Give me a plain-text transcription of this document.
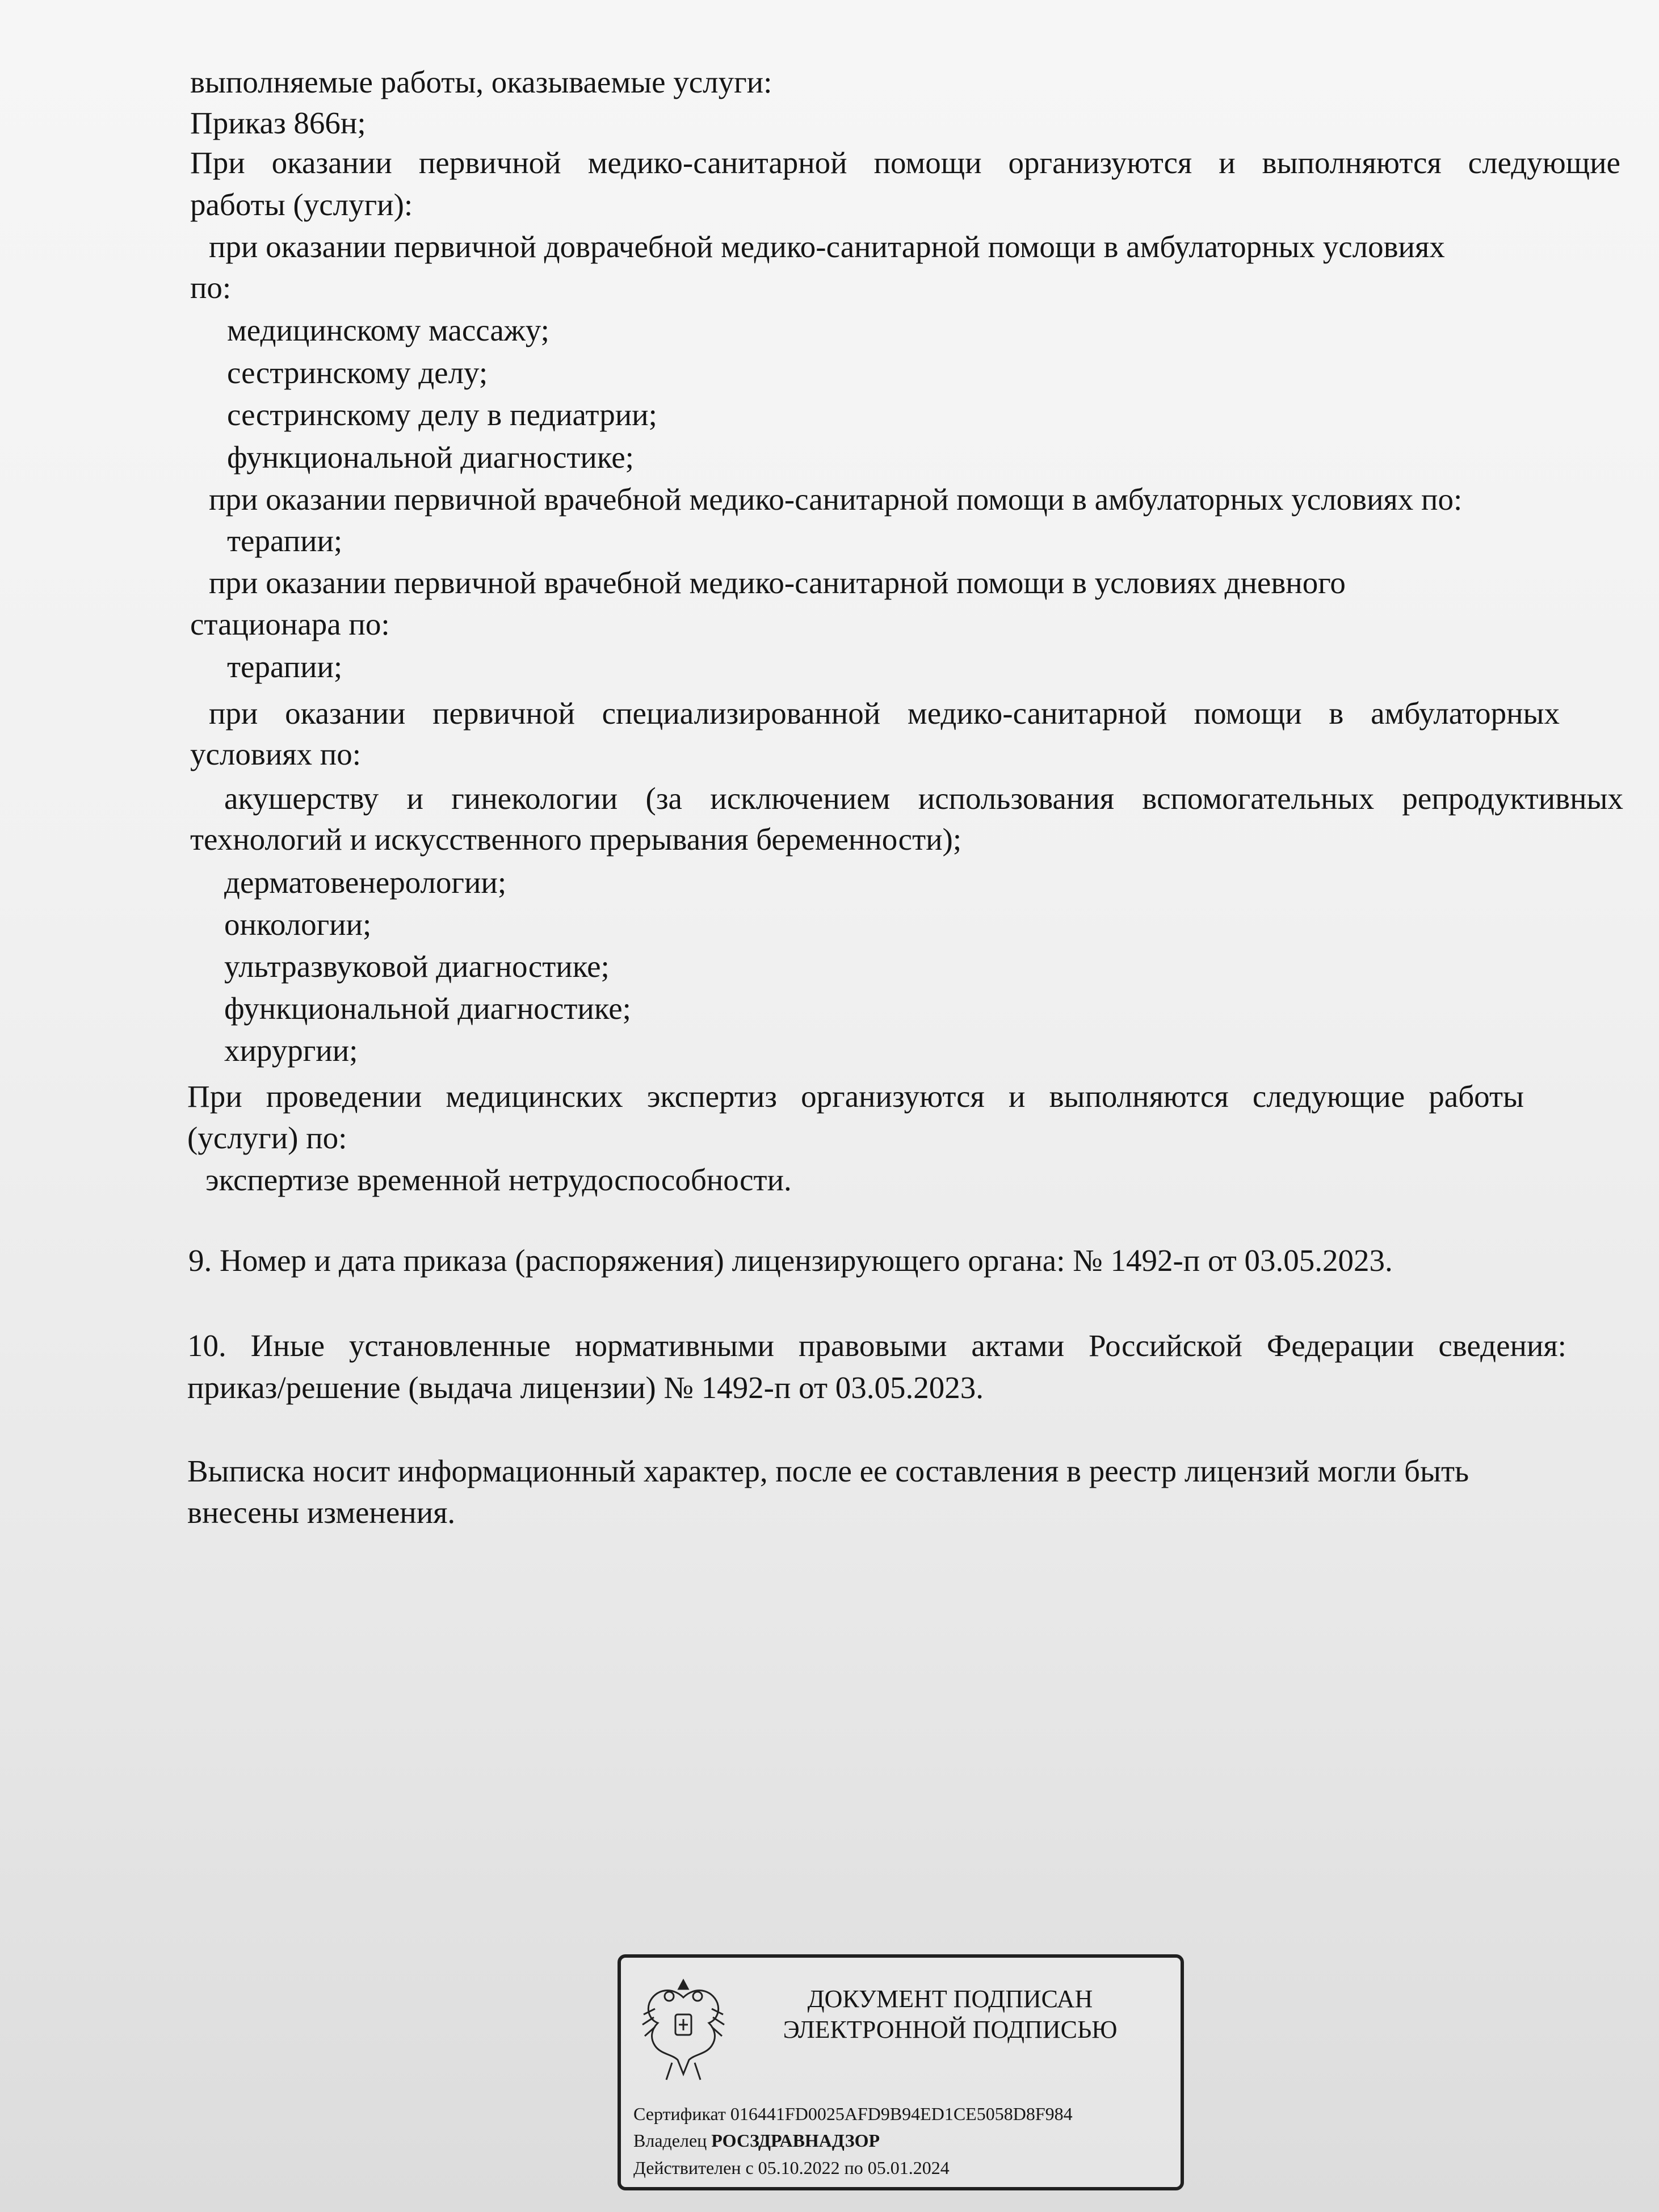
выполняемые работы, оказываемые услуги:
Приказ 866н;
При оказании первичной медико-санитарной помощи организуются и выполняются следующие
работы (услуги):
при оказании первичной доврачебной медико-санитарной помощи в амбулаторных условиях
по:
медицинскому массажу;
сестринскому делу;
сестринскому делу в педиатрии;
функциональной диагностике;
при оказании первичной врачебной медико-санитарной помощи в амбулаторных условиях по:
терапии;
при оказании первичной врачебной медико-санитарной помощи в условиях дневного
стационара по:
терапии;
при оказании первичной специализированной медико-санитарной помощи в амбулаторных
условиях по:
акушерству и гинекологии (за исключением использования вспомогательных репродуктивных
технологий и искусственного прерывания беременности);
дерматовенерологии;
онкологии;
ультразвуковой диагностике;
функциональной диагностике;
хирургии;
При проведении медицинских экспертиз организуются и выполняются следующие работы
(услуги) по:
экспертизе временной нетрудоспособности.
9. Номер и дата приказа (распоряжения) лицензирующего органа: № 1492-п от 03.05.2023.
10. Иные установленные нормативными правовыми актами Российской Федерации сведения:
приказ/решение (выдача лицензии) № 1492-п от 03.05.2023.
Выписка носит информационный характер, после ее составления в реестр лицензий могли быть
внесены изменения.
ДОКУМЕНТ ПОДПИСАН
ЭЛЕКТРОННОЙ ПОДПИСЬЮ
Сертификат 016441FD0025AFD9B94ED1CE5058D8F984
Владелец РОСЗДРАВНАДЗОР
Действителен с 05.10.2022 по 05.01.2024
